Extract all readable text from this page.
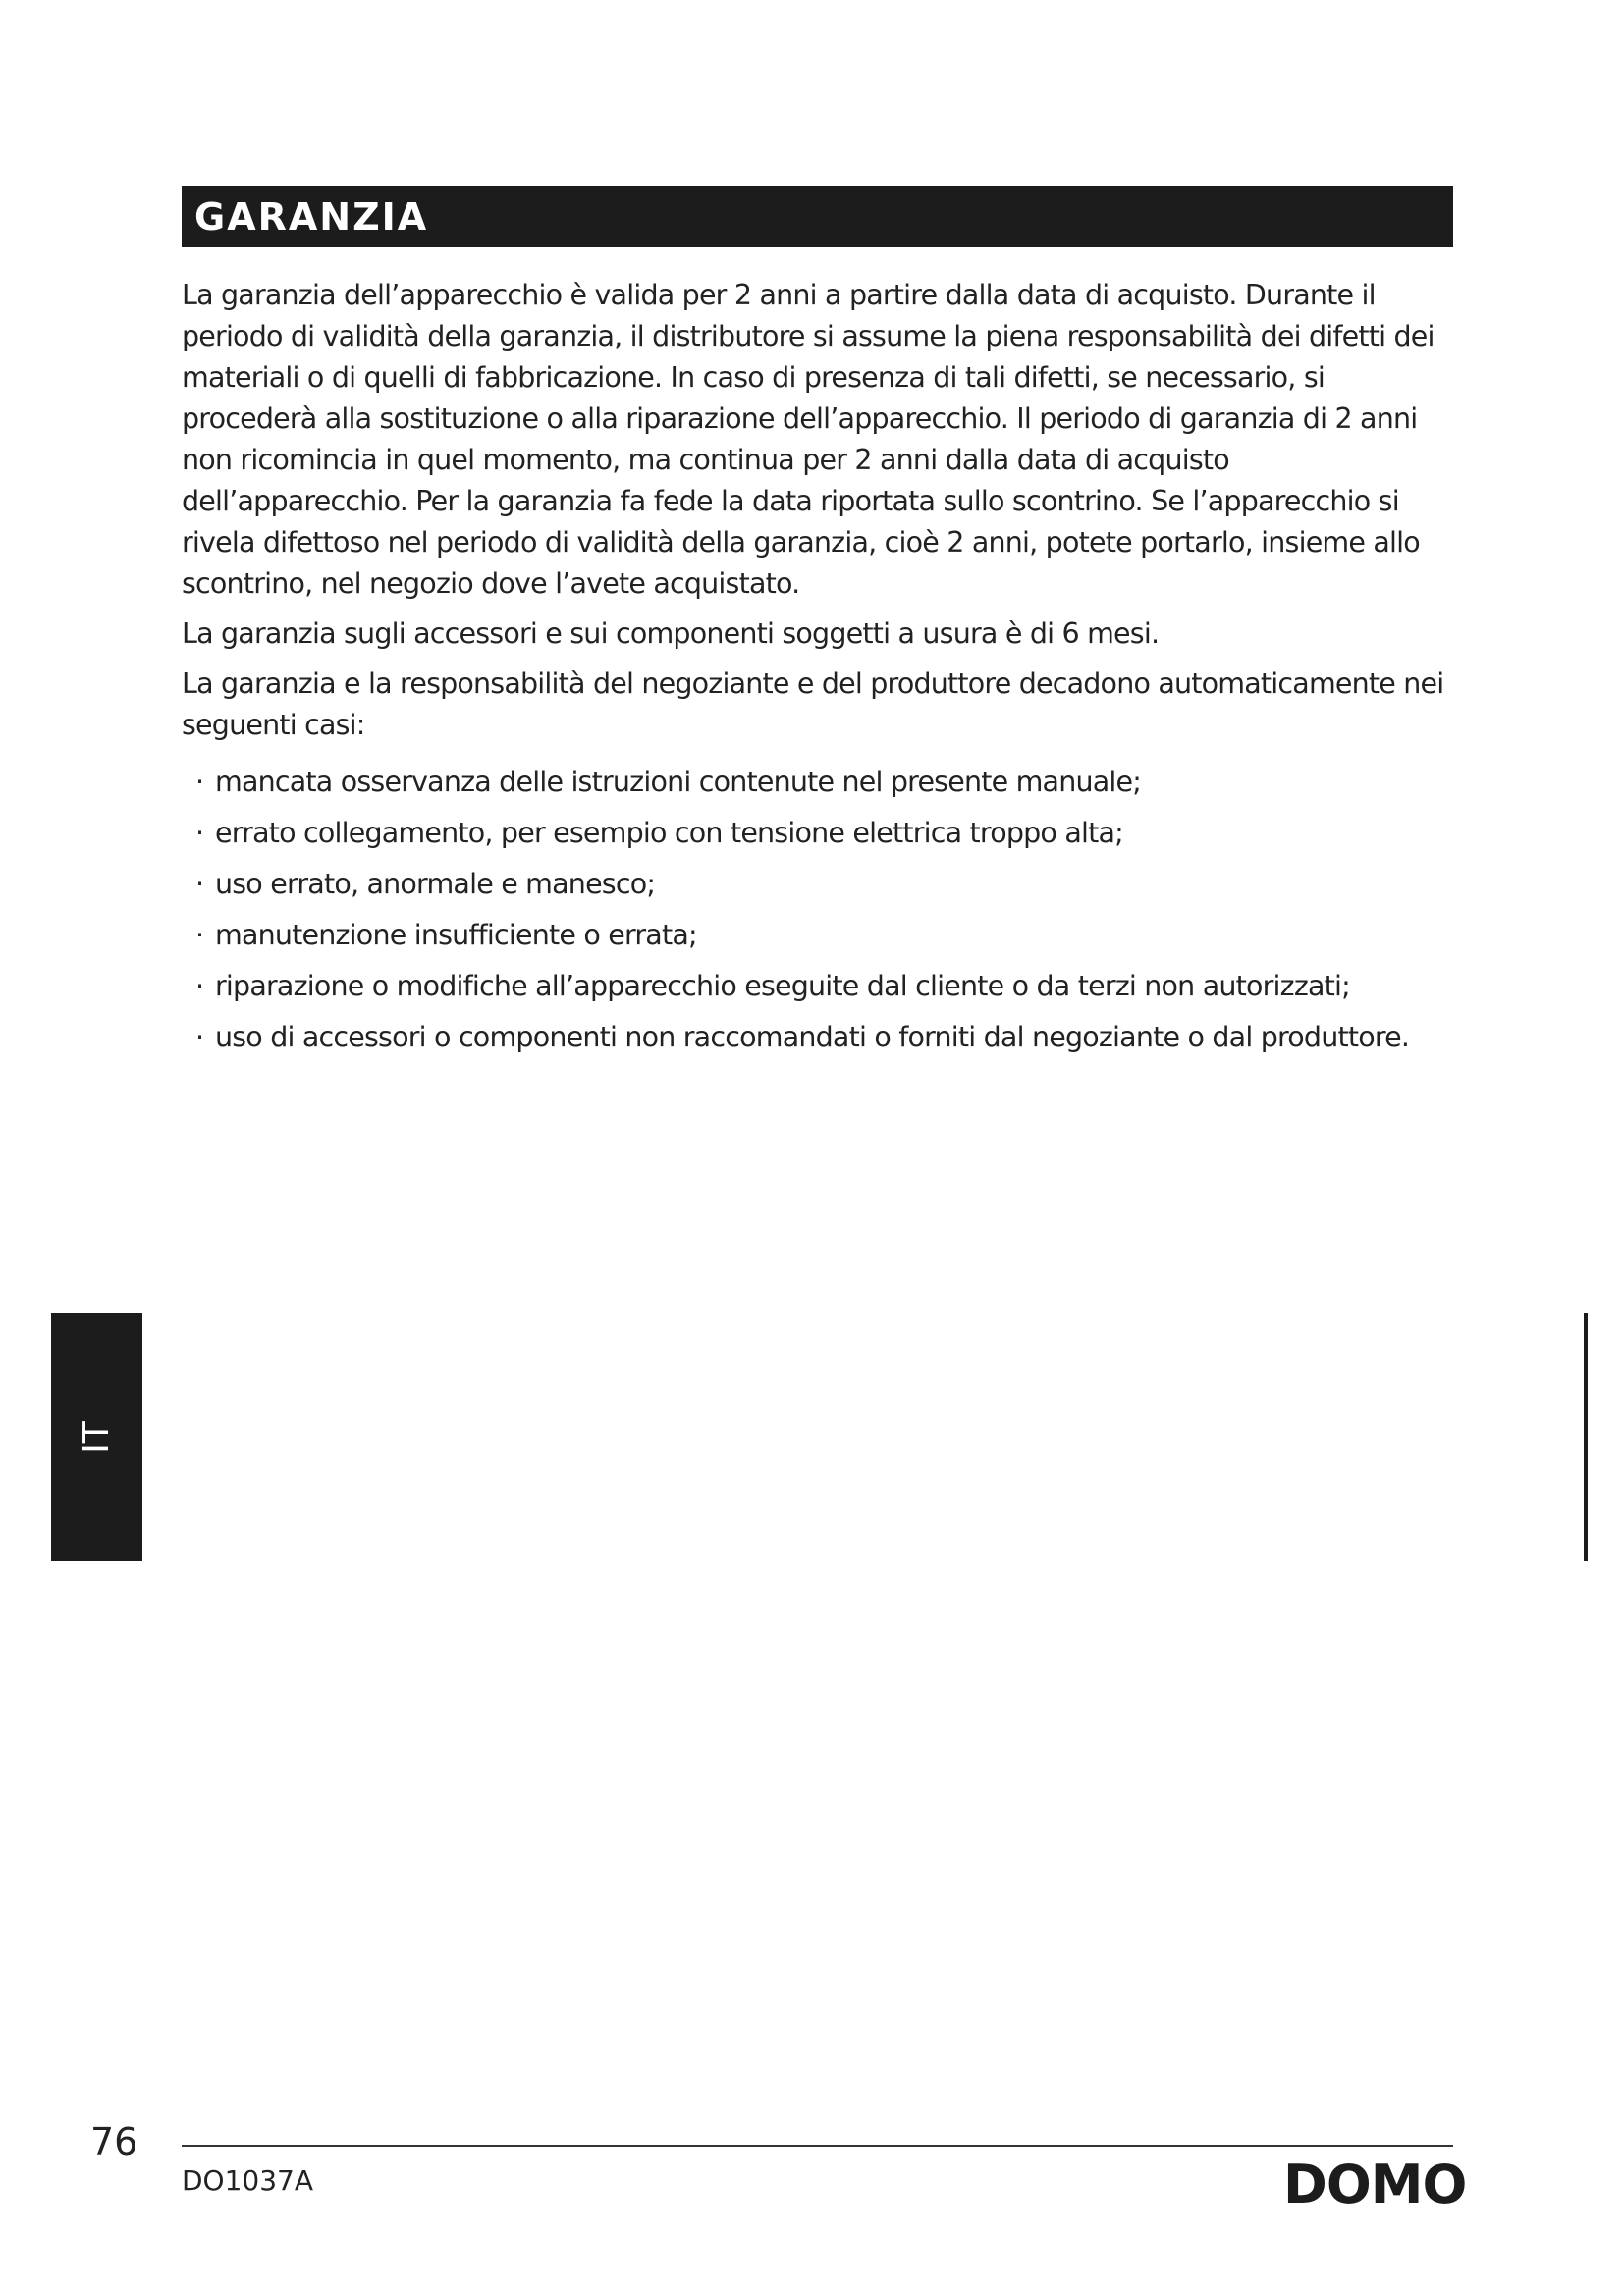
GARANZIA

La garanzia dell’apparecchio è valida per 2 anni a partire dalla data di acquisto. Durante il periodo di validità della garanzia, il distributore si assume la piena responsabilità dei difetti dei materiali o di quelli di fabbricazione. In caso di presenza di tali difetti, se necessario, si procederà alla sostituzione o alla riparazione dell’apparecchio. Il periodo di garanzia di 2 anni non ricomincia in quel momento, ma continua per 2 anni dalla data di acquisto dell’apparecchio. Per la garanzia fa fede la data riportata sullo scontrino. Se l’apparecchio si rivela difettoso nel periodo di validità della garanzia, cioè 2 anni, potete portarlo, insieme allo scontrino, nel negozio dove l’avete acquistato.

La garanzia sugli accessori e sui componenti soggetti a usura è di 6 mesi.

La garanzia e la responsabilità del negoziante e del produttore decadono automaticamente nei seguenti casi:

· mancata osservanza delle istruzioni contenute nel presente manuale;
· errato collegamento, per esempio con tensione elettrica troppo alta;
· uso errato, anormale e manesco;
· manutenzione insufficiente o errata;
· riparazione o modifiche all’apparecchio eseguite dal cliente o da terzi non autorizzati;
· uso di accessori o componenti non raccomandati o forniti dal negoziante o dal produttore.
IT
76
DO1037A	DOMO
